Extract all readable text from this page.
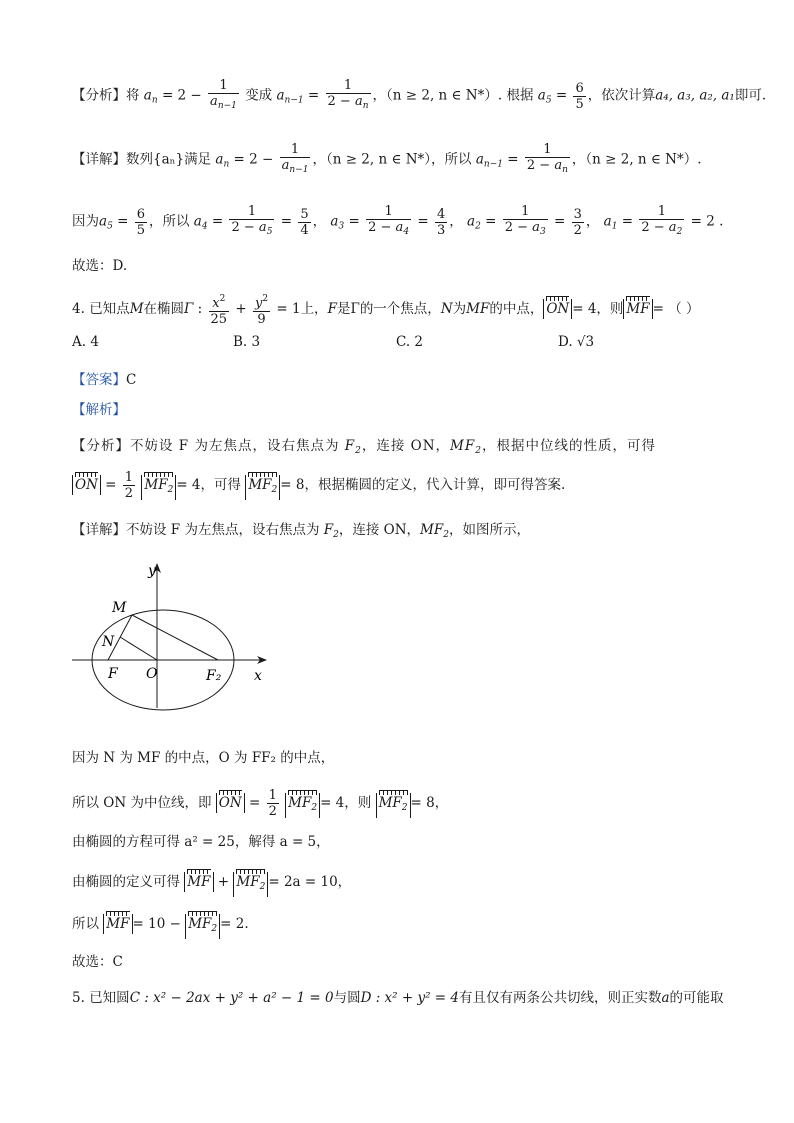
【分析】将 $a_n = 2 - \frac{1}{a_{n-1}}$ 变成 $a_{n-1} = \frac{1}{2 - a_n}$ ，（n ≥ 2, n ∈ N*）. 根据 $a_5 = \frac{6}{5}$ ，依次计算a₄, a₃, a₂, a₁即可.
【详解】数列{aₙ}满足 $a_n = 2 - \frac{1}{a_{n-1}}$ ，（n ≥ 2, n ∈ N*），所以 $a_{n-1} = \frac{1}{2 - a_n}$ ，（n ≥ 2, n ∈ N*）.
因为$a_5 = \frac{6}{5}$ ，所以 $a_4 = \frac{1}{2 - a_5} = \frac{5}{4}$ ， $a_3 = \frac{1}{2 - a_4} = \frac{4}{3}$ ， $a_2 = \frac{1}{2 - a_3} = \frac{3}{2}$ ， $a_1 = \frac{1}{2 - a_2} = 2$ .
故选：D.
4. 已知点M在椭圆Γ : $\frac{x^2}{25} + \frac{y^2}{9} = 1$上，F是Γ的一个焦点，N为MF的中点， ON = 4，则 MF = （ ）
A. 4	B. 3	C. 2	D. √3
【答案】C
【解析】
【分析】不妨设 F 为左焦点，设右焦点为 $F_2$，连接 ON，$MF_2$，根据中位线的性质，可得
ON = $\frac{1}{2} MF_2 = 4$，可得 $MF_2 = 8$，根据椭圆的定义，代入计算，即可得答案.
【详解】不妨设 F 为左焦点，设右焦点为 $F_2$，连接 ON，$MF_2$，如图所示，
y
M
N
F O	F₂ x
因为 N 为 MF 的中点，O 为 FF₂ 的中点，
所以 ON 为中位线，即 ON = $\frac{1}{2} MF_2 = 4$，则 $MF_2 = 8$，
由椭圆的方程可得 a² = 25，解得 a = 5，
由椭圆的定义可得 MF + $MF_2 = 2a = 10$，
所以 MF = $10 - MF_2 = 2$.
故选：C
5. 已知圆C : x² − 2ax + y² + a² − 1 = 0与圆D : x² + y² = 4有且仅有两条公共切线，则正实数a的可能取
